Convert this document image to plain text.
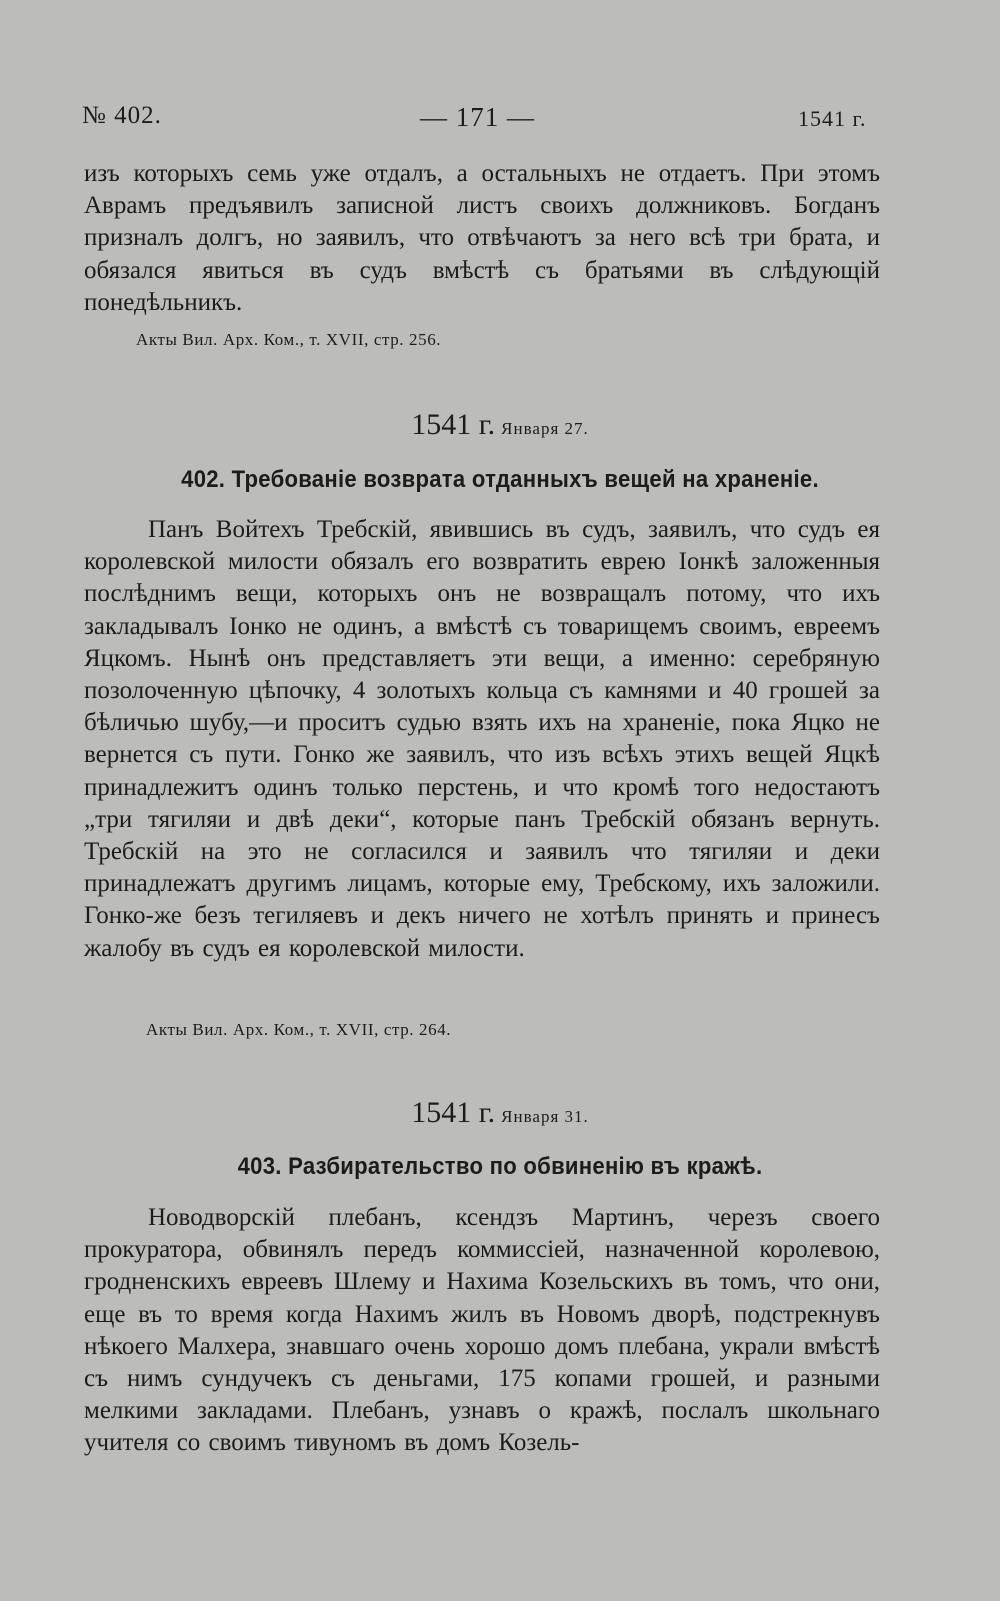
№ 402.	— 171 —	1541 г.

изъ которыхъ семь уже отдалъ, а остальныхъ не отдаетъ. При этомъ Аврамъ предъявилъ записной листъ своихъ должниковъ. Богданъ призналъ долгъ, но заявилъ, что отвѣчаютъ за него всѣ три брата, и обязался явиться въ судъ вмѣстѣ съ братьями въ слѣдующій понедѣльникъ.

Акты Вил. Арх. Ком., т. XVII, стр. 256.
1541 г. Января 27.
402. Требованіе возврата отданныхъ вещей на храненіе.

Панъ Войтехъ Требскій, явившись въ судъ, заявилъ, что судъ ея королевской милости обязалъ его возвратить еврею Іонкѣ заложенныя послѣднимъ вещи, которыхъ онъ не возвращалъ потому, что ихъ закладывалъ Іонко не одинъ, а вмѣстѣ съ товарищемъ своимъ, евреемъ Яцкомъ. Нынѣ онъ представляетъ эти вещи, а именно: серебряную позолоченную цѣпочку, 4 золотыхъ кольца съ камнями и 40 грошей за бѣличью шубу,—и проситъ судью взять ихъ на храненіе, пока Яцко не вернется съ пути. Гонко же заявилъ, что изъ всѣхъ этихъ вещей Яцкѣ принадлежитъ одинъ только перстень, и что кромѣ того недостаютъ „три тягиляи и двѣ деки“, которые панъ Требскій обязанъ вернуть. Требскій на это не согласился и заявилъ что тягиляи и деки принадлежатъ другимъ лицамъ, которые ему, Требскому, ихъ заложили. Гонко-же безъ тегиляевъ и декъ ничего не хотѣлъ принять и принесъ жалобу въ судъ ея королевской милости.

Акты Вил. Арх. Ком., т. XVII, стр. 264.
1541 г. Января 31.
403. Разбирательство по обвиненію въ кражѣ.

Новодворскій плебанъ, ксендзъ Мартинъ, черезъ своего прокуратора, обвинялъ передъ коммиссіей, назначенной королевою, гродненскихъ евреевъ Шлему и Нахима Козельскихъ въ томъ, что они, еще въ то время когда Нахимъ жилъ въ Новомъ дворѣ, подстрекнувъ нѣкоего Малхера, знавшаго очень хорошо домъ плебана, украли вмѣстѣ съ нимъ сундучекъ съ деньгами, 175 копами грошей, и разными мелкими закладами. Плебанъ, узнавъ о кражѣ, послалъ школьнаго учителя со своимъ тивуномъ въ домъ Козель-
